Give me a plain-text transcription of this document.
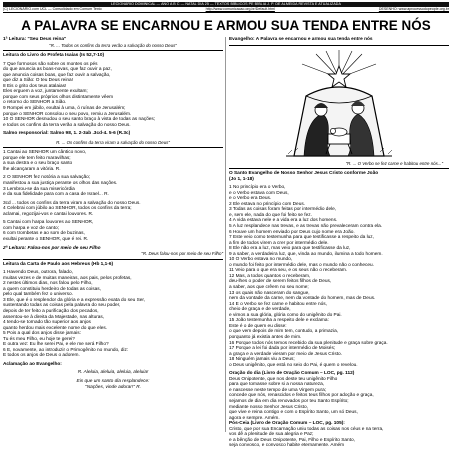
LECIONÁRIO DOMINICAL — ANO A B C — NATAL DIA 25 — TEXTOS BÍBLICOS PE BÍBLIA J. P. DE ALMEIDA REVISTA E ATUALIZADA
(C) LECIONÁRIO.com UCL — Consolidado em Comum Texto	http://www.comunicacao.org.br/Default.html	DESENHO: www.aprocessodopeople.org.br
A PALAVRA SE ENCARNOU E ARMOU SUA TENDA ENTRE NÓS

1ª Leitura: "Seu Deus reina"

"R. ... Todos os confins da terra verão a salvação do nosso Deus"

Leitura do Livro do Profeta Isaías (Is 52,7-10)

7 Que formosos são sobre os montes os pés

do que anuncia as boas-novas, que faz ouvir a paz,

que anuncia coisas boas, que faz ouvir a salvação,

que diz a Sião: O teu Deus reina!

8 Eis o grito dos teus atalaias!

Eles erguem a voz, juntamente exultam;

porque com seus próprios olhos distintamente vêem

o retorno do SENHOR a Sião.

9 Rompei em júbilo, exultai à uma, ó ruínas de Jerusalém;

porque o SENHOR consolou o seu povo, remiu a Jerusalém.

10 O SENHOR desnudou o seu santo braço à vista de todas as nações;

e todos os confins da terra verão a salvação do nosso Deus.

Salmo responsorial: Salmo 98, 1. 2-3ab .3cd-4. 5-6 (R.3c)

R. ... Os confins da terra viram a salvação do nosso Deus"

1 Cantai ao SENHOR um cântico novo,

porque ele tem feito maravilhas;

a sua destra e o seu braço santo

lhe alcançaram a vitória. R.

2 O SENHOR fez notória a sua salvação;

manifestou a sua justiça perante os olhos das nações.

3 Lembrou-se da sua misericórdia

e da sua fidelidade para com a casa de Israel... R.

3cd ... todos os confins da terra viram a salvação do nosso Deus.

4 Celebrai com júbilo ao SENHOR, todos os confins da terra;

aclamai, regozijai-vos e cantai louvores. R.

5 Cantai com harpa louvores ao SENHOR,

com harpa e voz de canto;

6 com trombetas e ao som de buzinas,

exultai perante o SENHOR, que é rei. R.

2ª Leitura: Falou-nos por meio de seu Filho

"R. Deus falou-nos por meio de seu Filho"

Leitura da Carta de Paulo aos Hebreus (Hb 1,1-6)

1 Havendo Deus, outrora, falado,

muitas vezes e de muitas maneiras, aos pais, pelos profetas,

2 nestes últimos dias, nos falou pelo Filho,

a quem constituiu herdeiro de todas as coisas,

pelo qual também fez o universo.

3 Ele, que é o resplendor da glória e a expressão exata do seu Ser,

sustentando todas as coisas pela palavra do seu poder,

depois de ter feito a purificação dos pecados,

assentou-se à direita da Majestade, nas alturas,

4 tendo-se tornado tão superior aos anjos

quanto herdou mais excelente nome do que eles.

5 Pois a qual dos anjos disse jamais:

Tu és meu Filho, eu hoje te gerei?

E outra vez: Eu lhe serei Pai, e ele me será Filho?

6 E, novamente, ao introduzir o Primogênito no mundo, diz:

E todos os anjos de Deus o adorem.

Aclamação ao Evangelho:

R. Aleluia, aleluia, aleluia, aleluia!

Eis que um santo dia resplandece:

"Nações, vinde adorar!" R.

Evangelho: A Palavra se encarnou e armou sua tenda entre nós

"R. ... O Verbo se fez carne e habitou entre nós..."

O Santo Evangelho de Nosso Senhor Jesus Cristo conforme João

(Jo 1, 1-18)

1 No princípio era o Verbo,

e o Verbo estava com Deus,

e o Verbo era Deus.

2 Ele estava no princípio com Deus.

3 Todas as coisas foram feitas por intermédio dele,

e, sem ele, nada do que foi feito se fez.

4 A vida estava nele e a vida era a luz dos homens.

5 A luz resplandece nas trevas, e as trevas não prevaleceram contra ela.

6 Houve um homem enviado por Deus cujo nome era João.

7 Este veio como testemunha para que testificasse a respeito da luz,

a fim de todos virem a crer por intermédio dele.

8 Ele não era a luz, mas veio para que testificasse da luz,

9 a saber, a verdadeira luz, que, vinda ao mundo, ilumina a todo homem.

10 O Verbo estava no mundo,

o mundo foi feito por intermédio dele, mas o mundo não o conheceu.

11 Veio para o que era seu, e os seus não o receberam.

12 Mas, a todos quantos o receberam,

deu-lhes o poder de serem feitos filhos de Deus,

a saber, aos que crêem no seu nome;

13 os quais não nasceram do sangue,

nem da vontade da carne, nem da vontade do homem, mas de Deus.

14 E o Verbo se fez carne e habitou entre nós,

cheio de graça e de verdade,

e vimos a sua glória, glória como do unigênito do Pai.

15 João testemunha a respeito dele e exclama:

Este é o de quem eu disse:

o que vem depois de mim tem, contudo, a primazia,

porquanto já existia antes de mim.

16 Porque todos nós temos recebido da sua plenitude e graça sobre graça.

17 Porque a lei foi dada por intermédio de Moisés;

a graça e a verdade vieram por meio de Jesus Cristo.

18 Ninguém jamais viu a Deus;

o Deus unigênito, que está no seio do Pai, é quem o revelou.

Oração do dia (Livro de Oração Comum – LOC, pg. 112)

Deus Onipotente, que nos deste teu unigênito Filho

para que tomasse sobre si a nossa natureza,

e nascesse neste tempo de uma Virgem pura;

concede que nós, renascidos e feitos teus filhos por adoção e graça,

sejamos de dia em dia renovados por teu Santo Espírito;

mediante nosso Senhor Jesus Cristo,

que vive e reina contigo e com o Espírito Santo, um só Deus,

agora e sempre. Amém.

Pós-Ceia (Livro de Oração Comum – LOC, pg. 105):

Cristo, que por sua Encarnação uniu todas as coisas nos céus e na terra,

vos dê a plenitude de sua alegria e Paz;

e a bênção de Deus Onipotente, Pai, Filho e Espírito Santo,

seja convosco, e convosco habite eternamente. Amém
